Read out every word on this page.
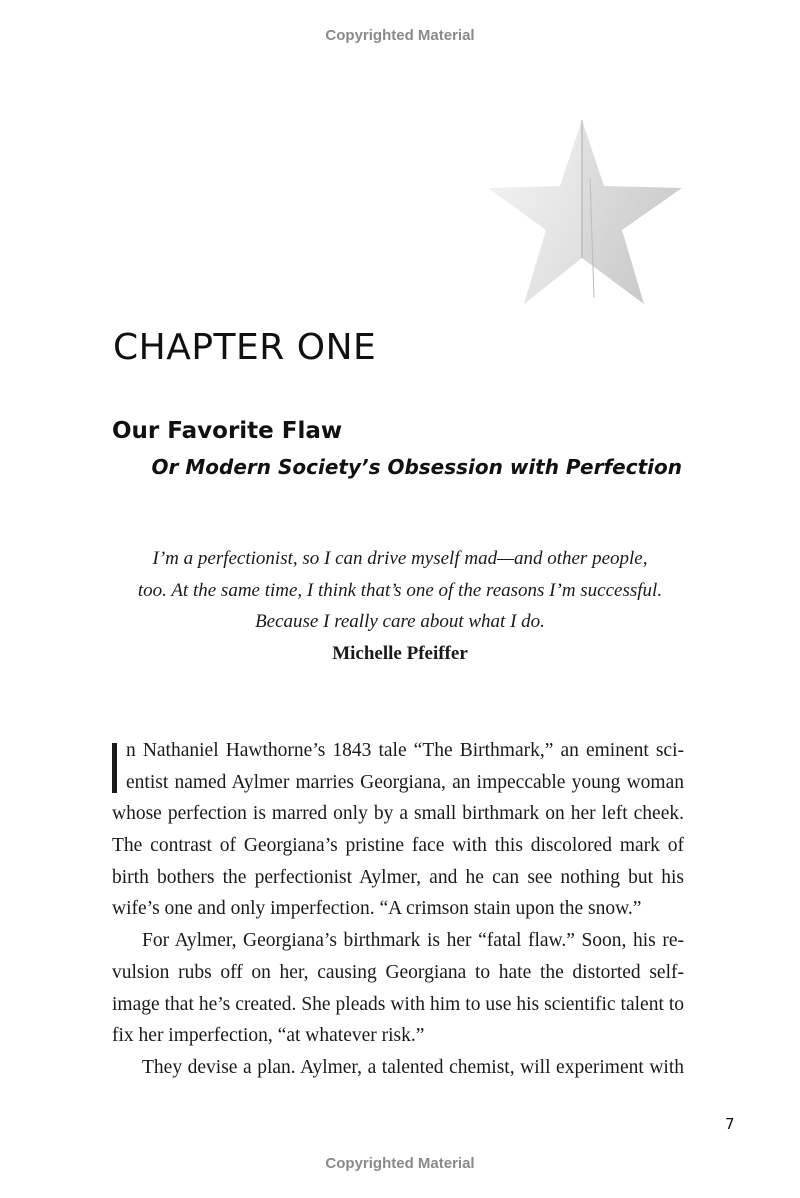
Copyrighted Material
CHAPTER ONE
Our Favorite Flaw
Or Modern Society’s Obsession with Perfection
I’m a perfectionist, so I can drive myself mad—and other people,
too. At the same time, I think that’s one of the reasons I’m successful.
Because I really care about what I do.
Michelle Pfeiffer
n Nathaniel Hawthorne’s 1843 tale “The Birthmark,” an eminent sci-
entist named Aylmer marries Georgiana, an impeccable young woman
whose perfection is marred only by a small birthmark on her left cheek.
The contrast of Georgiana’s pristine face with this discolored mark of
birth bothers the perfectionist Aylmer, and he can see nothing but his
wife’s one and only imperfection. “A crimson stain upon the snow.”
For Aylmer, Georgiana’s birthmark is her “fatal flaw.” Soon, his re-
vulsion rubs off on her, causing Georgiana to hate the distorted self-
image that he’s created. She pleads with him to use his scientific talent to
fix her imperfection, “at whatever risk.”
They devise a plan. Aylmer, a talented chemist, will experiment with
7
Copyrighted Material
